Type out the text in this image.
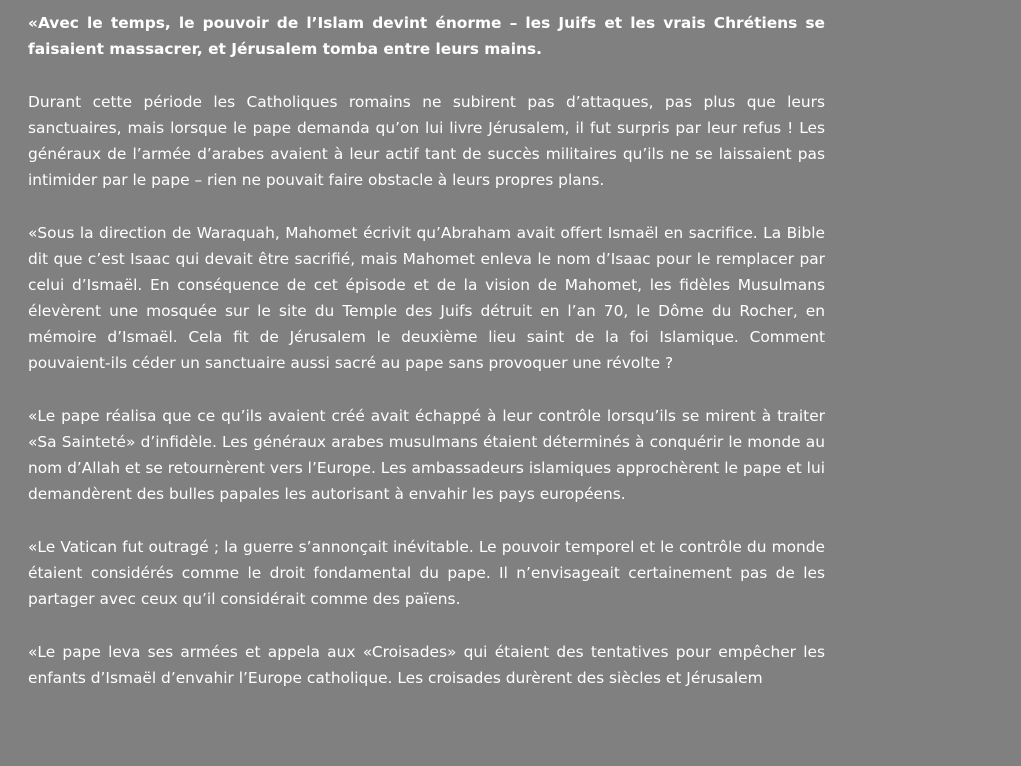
«Avec le temps, le pouvoir de l’Islam devint énorme – les Juifs et les vrais Chrétiens se faisaient massacrer, et Jérusalem tomba entre leurs mains.

Durant cette période les Catholiques romains ne subirent pas d’attaques, pas plus que leurs sanctuaires, mais lorsque le pape demanda qu’on lui livre Jérusalem, il fut surpris par leur refus ! Les généraux de l’armée d’arabes avaient à leur actif tant de succès militaires qu’ils ne se laissaient pas intimider par le pape – rien ne pouvait faire obstacle à leurs propres plans.

«Sous la direction de Waraquah, Mahomet écrivit qu’Abraham avait offert Ismaël en sacrifice. La Bible dit que c’est Isaac qui devait être sacrifié, mais Mahomet enleva le nom d’Isaac pour le remplacer par celui d’Ismaël. En conséquence de cet épisode et de la vision de Mahomet, les fidèles Musulmans élevèrent une mosquée sur le site du Temple des Juifs détruit en l’an 70, le Dôme du Rocher, en mémoire d’Ismaël. Cela fit de Jérusalem le deuxième lieu saint de la foi Islamique. Comment pouvaient-ils céder un sanctuaire aussi sacré au pape sans provoquer une révolte ?

«Le pape réalisa que ce qu’ils avaient créé avait échappé à leur contrôle lorsqu’ils se mirent à traiter «Sa Sainteté» d’infidèle. Les généraux arabes musulmans étaient déterminés à conquérir le monde au nom d’Allah et se retournèrent vers l’Europe. Les ambassadeurs islamiques approchèrent le pape et lui demandèrent des bulles papales les autorisant à envahir les pays européens.

«Le Vatican fut outragé ; la guerre s’annonçait inévitable. Le pouvoir temporel et le contrôle du monde étaient considérés comme le droit fondamental du pape. Il n’envisageait certainement pas de les partager avec ceux qu’il considérait comme des païens.

«Le pape leva ses armées et appela aux «Croisades» qui étaient des tentatives pour empêcher les enfants d’Ismaël d’envahir l’Europe catholique. Les croisades durèrent des siècles et Jérusalem
